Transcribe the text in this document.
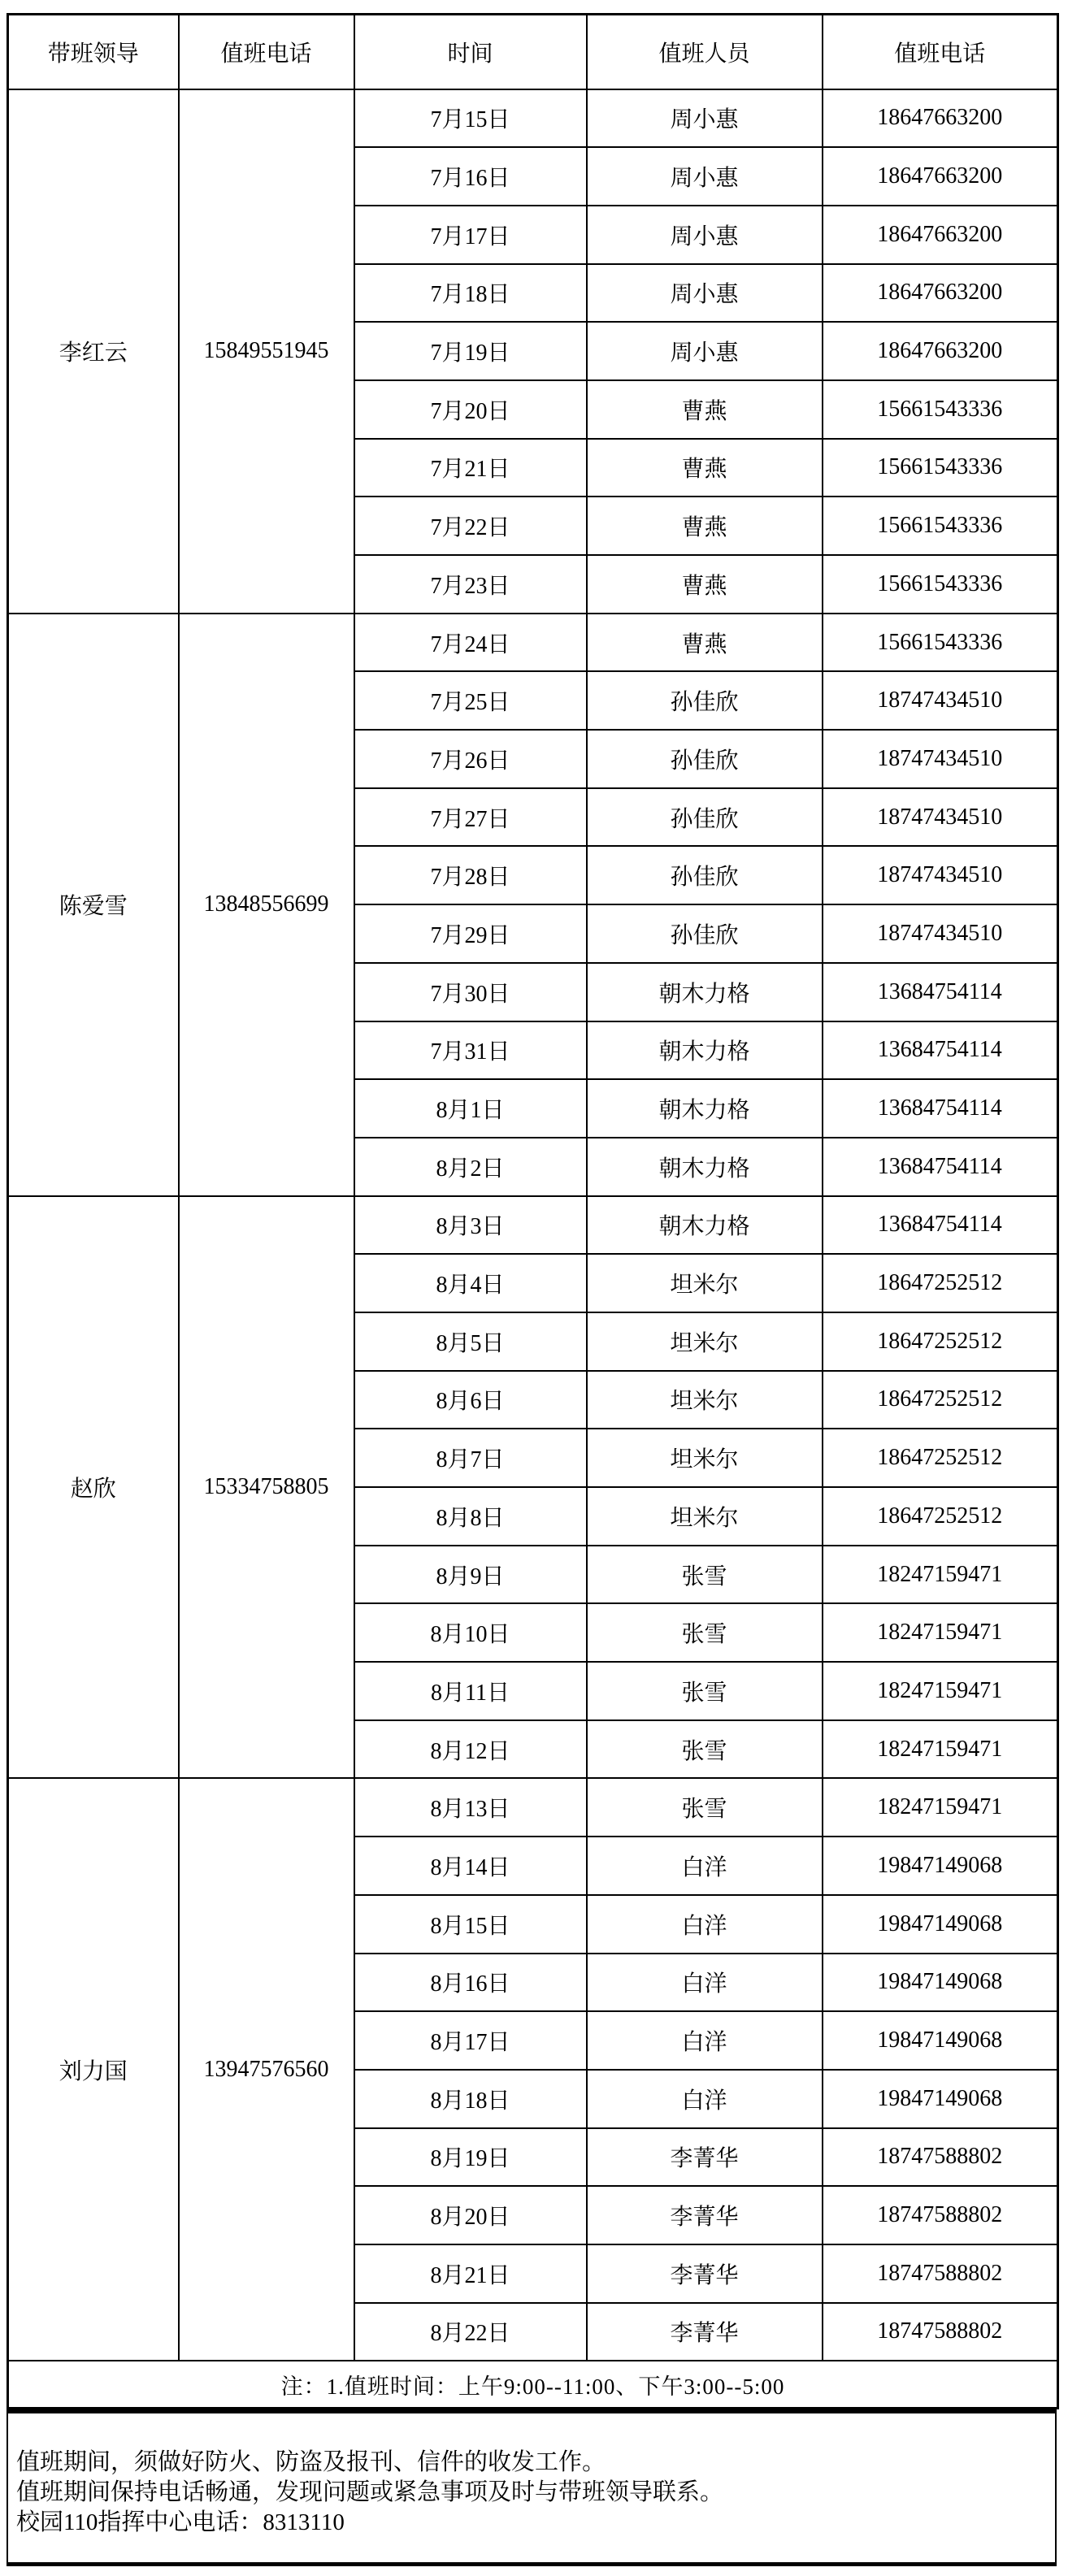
带班领导	值班电话	时间	值班人员	值班电话
李红云	15849551945	7月15日	周小惠	18647663200
		7月16日	周小惠	18647663200
		7月17日	周小惠	18647663200
		7月18日	周小惠	18647663200
		7月19日	周小惠	18647663200
		7月20日	曹燕	15661543336
		7月21日	曹燕	15661543336
		7月22日	曹燕	15661543336
		7月23日	曹燕	15661543336
陈爱雪	13848556699	7月24日	曹燕	15661543336
		7月25日	孙佳欣	18747434510
		7月26日	孙佳欣	18747434510
		7月27日	孙佳欣	18747434510
		7月28日	孙佳欣	18747434510
		7月29日	孙佳欣	18747434510
		7月30日	朝木力格	13684754114
		7月31日	朝木力格	13684754114
		8月1日	朝木力格	13684754114
		8月2日	朝木力格	13684754114
赵欣	15334758805	8月3日	朝木力格	13684754114
		8月4日	坦米尔	18647252512
		8月5日	坦米尔	18647252512
		8月6日	坦米尔	18647252512
		8月7日	坦米尔	18647252512
		8月8日	坦米尔	18647252512
		8月9日	张雪	18247159471
		8月10日	张雪	18247159471
		8月11日	张雪	18247159471
		8月12日	张雪	18247159471
刘力国	13947576560	8月13日	张雪	18247159471
		8月14日	白洋	19847149068
		8月15日	白洋	19847149068
		8月16日	白洋	19847149068
		8月17日	白洋	19847149068
		8月18日	白洋	19847149068
		8月19日	李菁华	18747588802
		8月20日	李菁华	18747588802
		8月21日	李菁华	18747588802
		8月22日	李菁华	18747588802
注：1.值班时间：上午9:00--11:00、下午3:00--5:00				
值班期间，须做好防火、防盗及报刊、信件的收发工作。
值班期间保持电话畅通，发现问题或紧急事项及时与带班领导联系。
校园110指挥中心电话：8313110
